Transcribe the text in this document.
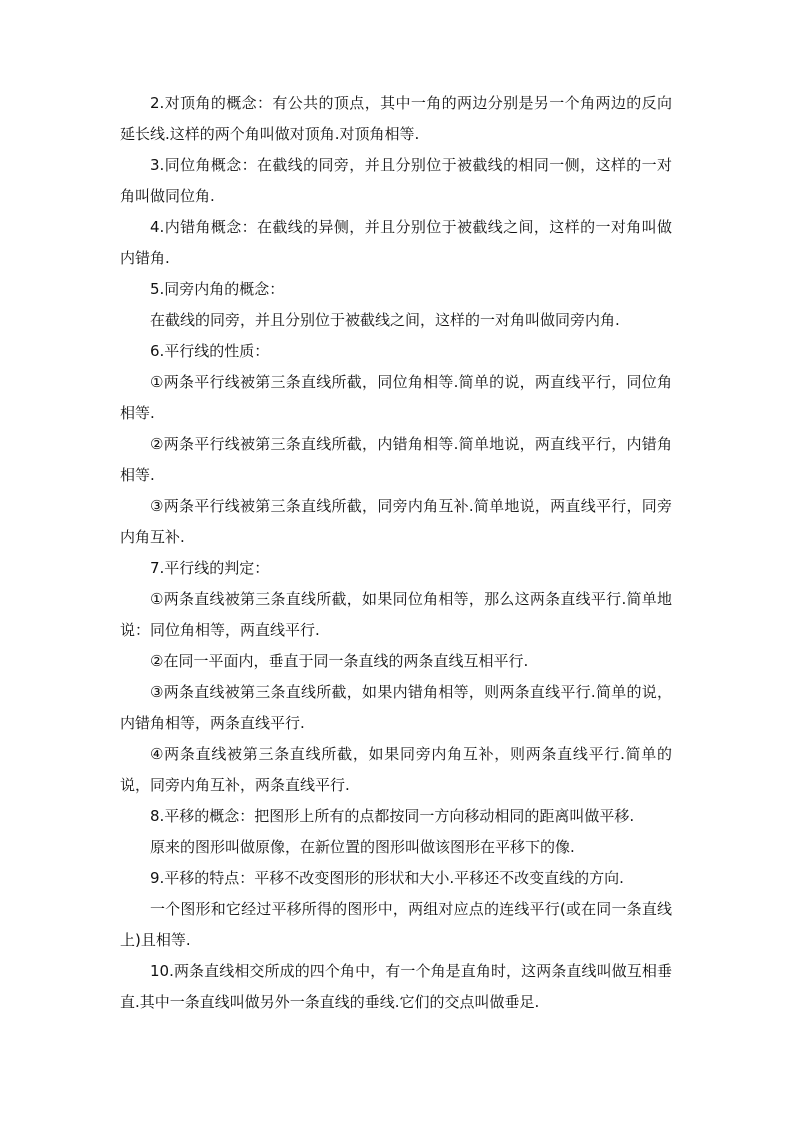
2.对顶角的概念：有公共的顶点，其中一角的两边分别是另一个角两边的反向延长线.这样的两个角叫做对顶角.对顶角相等.

3.同位角概念：在截线的同旁，并且分别位于被截线的相同一侧，这样的一对角叫做同位角.

4.内错角概念：在截线的异侧，并且分别位于被截线之间，这样的一对角叫做内错角.

5.同旁内角的概念：

在截线的同旁，并且分别位于被截线之间，这样的一对角叫做同旁内角.

6.平行线的性质：

①两条平行线被第三条直线所截，同位角相等.简单的说，两直线平行，同位角相等.

②两条平行线被第三条直线所截，内错角相等.简单地说，两直线平行，内错角相等.

③两条平行线被第三条直线所截，同旁内角互补.简单地说，两直线平行，同旁内角互补.

7.平行线的判定：

①两条直线被第三条直线所截，如果同位角相等，那么这两条直线平行.简单地说：同位角相等，两直线平行.

②在同一平面内，垂直于同一条直线的两条直线互相平行.

③两条直线被第三条直线所截，如果内错角相等，则两条直线平行.简单的说，内错角相等，两条直线平行.

④两条直线被第三条直线所截，如果同旁内角互补，则两条直线平行.简单的说，同旁内角互补，两条直线平行.

8.平移的概念：把图形上所有的点都按同一方向移动相同的距离叫做平移.

原来的图形叫做原像，在新位置的图形叫做该图形在平移下的像.

9.平移的特点：平移不改变图形的形状和大小.平移还不改变直线的方向.

一个图形和它经过平移所得的图形中，两组对应点的连线平行(或在同一条直线上)且相等.

10.两条直线相交所成的四个角中，有一个角是直角时，这两条直线叫做互相垂直.其中一条直线叫做另外一条直线的垂线.它们的交点叫做垂足.
